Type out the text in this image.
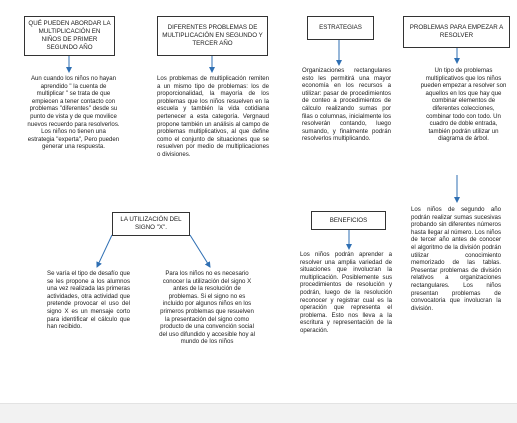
QUÉ PUEDEN ABORDAR LA MULTIPLICACIÓN EN NIÑOS DE PRIMER SEGUNDO AÑO
DIFERENTES PROBLEMAS DE MULTIPLICACIÓN EN SEGUNDO Y TERCER AÑO
ESTRATEGIAS	PROBLEMAS PARA EMPEZAR A RESOLVER
LA UTILIZACIÓN DEL SIGNO "X".
BENEFICIOS
Aun cuando los niños no hayan aprendido " la cuenta de multiplicar " se trata de que empiecen a tener contacto con problemas "diferentes" desde su punto de vista y de que movilice nuevos recuerdo para resolverlos. Los niños no tienen una estrategia "experta", Pero pueden generar una respuesta.
Los problemas de multiplicación remiten a un mismo tipo de problemas: los de proporcionalidad, la mayoría de los problemas que los niños resuelven en la escuela y también la vida cotidiana pertenecer a esta categoría. Vergnaud propone también un análisis al campo de problemas multiplicativos, al que define como el conjunto de situaciones que se resuelven por medio de multiplicaciones o divisiones.
Organizaciones rectangulares esto les permitirá una mayor economía en los recursos a utilizar: pasar de procedimientos de conteo a procedimientos de cálculo realizando sumas por filas o columnas, inicialmente los resolverán contando, luego sumando, y finalmente podrán resolverlos multiplicando.
Un tipo de problemas multiplicativos que los niños pueden empezar a resolver son aquellos en los que hay que combinar elementos de diferentes colecciones, combinar todo con todo. Un cuadro de doble entrada, también podrán utilizar un diagrama de árbol.
Se varía el tipo de desafío que se les propone a los alumnos una vez realizada las primeras actividades, otra actividad que pretende provocar el uso del signo X es un mensaje corto para identificar el cálculo que han recibido.
Para los niños no es necesario conocer la utilización del signo X antes de la resolución de problemas. Si el signo no es incluido por algunos niños en los primeros problemas que resuelven la presentación del signo como producto de una convención social del uso difundido y accesible hoy al mundo de los niños
Los niños podrán aprender a resolver una amplia variedad de situaciones que involucran la multiplicación. Posiblemente sus procedimientos de resolución y podrán, luego de la resolución reconocer y registrar cual es la operación que representa el problema. Esto nos lleva a la escritura y representación de la operación.
Los niños de segundo año podrán realizar sumas sucesivas probando sin diferentes números hasta llegar al número. Los niños de tercer año antes de conocer el algoritmo de la división podrán utilizar conocimiento memorizado de las tablas. Presentar problemas de división relativos a organizaciones rectangulares. Los niños presentan problemas de convocatoria que involucran la división.
